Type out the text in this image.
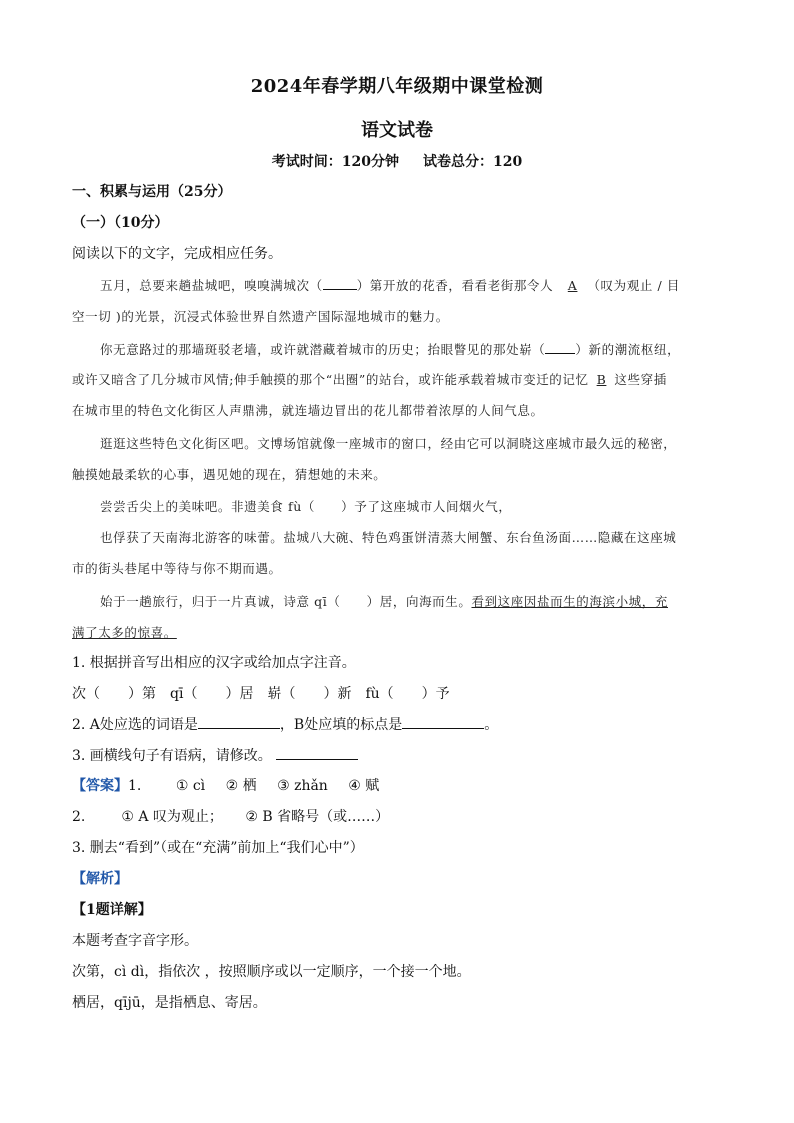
2024年春学期八年级期中课堂检测
语文试卷
考试时间：120分钟 试卷总分：120
一、积累与运用（25分）
（一）（10分）
阅读以下的文字，完成相应任务。
五月，总要来趟盐城吧，嗅嗅满城次（	）第开放的花香，看看老街那令人 A （叹为观止 / 目
空一切 )的光景，沉浸式体验世界自然遗产国际湿地城市的魅力。
你无意路过的那墙斑驳老墙，或许就潜藏着城市的历史；抬眼瞥见的那处崭（ ）新的潮流枢纽，
或许又暗含了几分城市风情;伸手触摸的那个“出圈”的站台，或许能承载着城市变迁的记忆 B 这些穿插
在城市里的特色文化街区人声鼎沸，就连墙边冒出的花儿都带着浓厚的人间气息。
逛逛这些特色文化街区吧。文博场馆就像一座城市的窗口，经由它可以洞晓这座城市最久远的秘密，
触摸她最柔软的心事，遇见她的现在，猜想她的未来。
尝尝舌尖上的美味吧。非遗美食 fù（　　）予了这座城市人间烟火气，
也俘获了天南海北游客的味蕾。盐城八大碗、特色鸡蛋饼清蒸大闸蟹、东台鱼汤面……隐藏在这座城
市的街头巷尾中等待与你不期而遇。
始于一趟旅行，归于一片真诚，诗意 qī（　　）居，向海而生。看到这座因盐而生的海滨小城，充
满了太多的惊喜。
1. 根据拼音写出相应的汉字或给加点字注音。
次（　　）第　qī（　　）居　崭（　　）新　fù（　　）予
2. A处应选的词语是	，B处应填的标点是	。
3. 画横线句子有语病，请修改。
【答案】1. ① cì ② 栖 ③ zhǎn ④ 赋
2.	① A 叹为观止； ② B 省略号（或……）
3. 删去“看到”（或在“充满”前加上“我们心中”）
【解析】
【1题详解】
本题考查字音字形。
次第，cì dì，指依次 ，按照顺序或以一定顺序，一个接一个地。
栖居，qījū，是指栖息、寄居。
